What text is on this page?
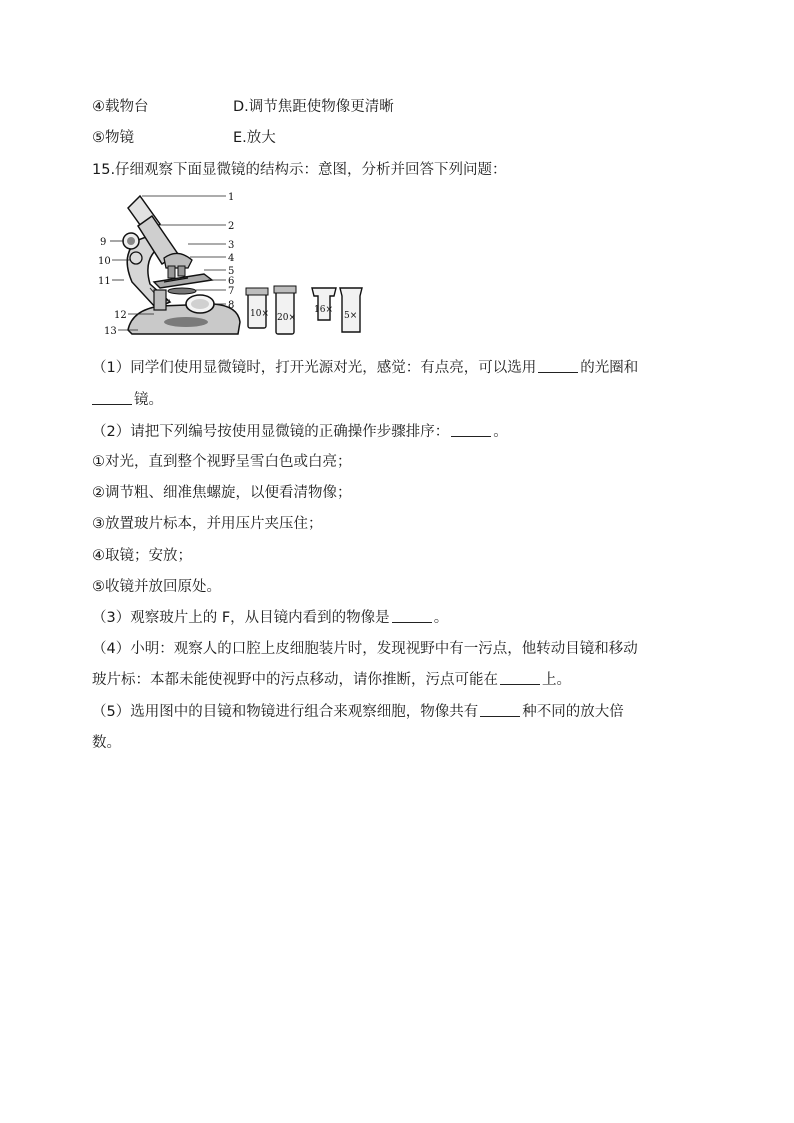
④载物台	D.调节焦距使物像更清晰
⑤物镜	E.放大
15.仔细观察下面显微镜的结构示：意图，分析并回答下列问题：
1
2
3
4
5
6
7
8
9
10
11
12
13
10× 20×
16×
5×
（1）同学们使用显微镜时，打开光源对光，感觉：有点亮，可以选用	的光圈和
镜。
（2）请把下列编号按使用显微镜的正确操作步骤排序：	。
①对光，直到整个视野呈雪白色或白亮；
②调节粗、细准焦螺旋，以便看清物像；
③放置玻片标本，并用压片夹压住；
④取镜；安放；
⑤收镜并放回原处。
（3）观察玻片上的 F，从目镜内看到的物像是	。
（4）小明：观察人的口腔上皮细胞装片时，发现视野中有一污点，他转动目镜和移动
玻片标：本都未能使视野中的污点移动，请你推断，污点可能在	上。
（5）选用图中的目镜和物镜进行组合来观察细胞，物像共有	种不同的放大倍
数。
